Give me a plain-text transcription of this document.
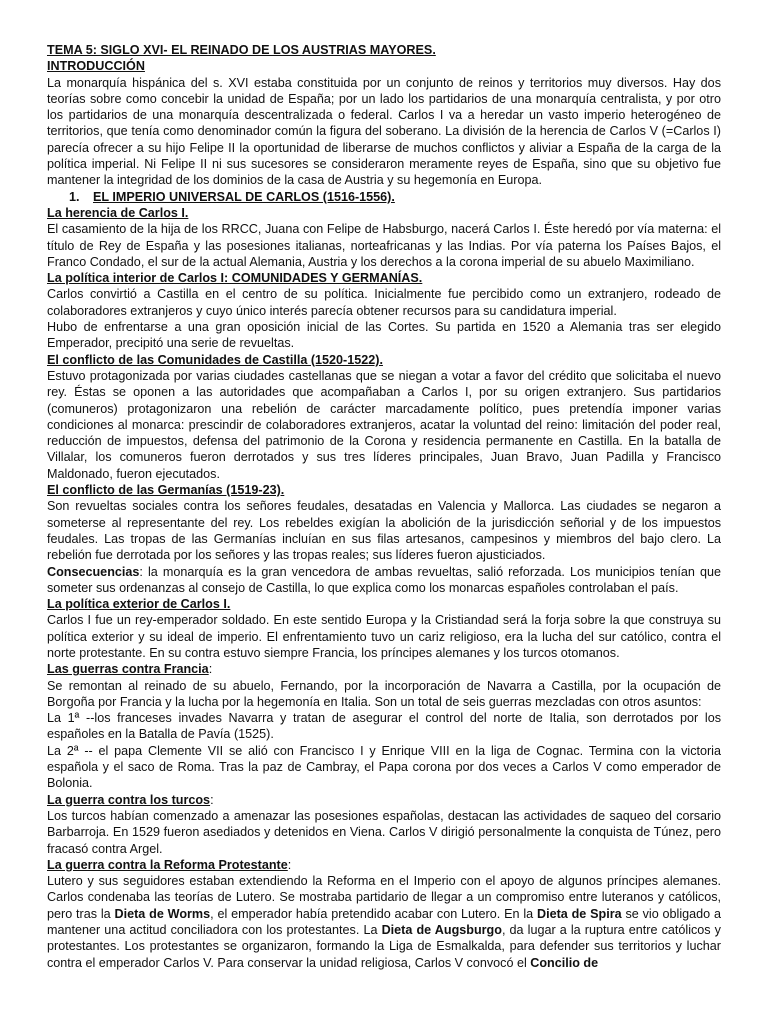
TEMA 5: SIGLO XVI- EL REINADO DE LOS AUSTRIAS MAYORES.

INTRODUCCIÓN

La monarquía hispánica del s. XVI estaba constituida por un conjunto de reinos y territorios muy diversos. Hay dos teorías sobre como concebir la unidad de España; por un lado los partidarios de una monarquía centralista, y por otro los partidarios de una monarquía descentralizada o federal. Carlos I va a heredar un vasto imperio heterogéneo de territorios, que tenía como denominador común la figura del soberano. La división de la herencia de Carlos V (=Carlos I) parecía ofrecer a su hijo Felipe II la oportunidad de liberarse de muchos conflictos y aliviar a España de la carga de la política imperial. Ni Felipe II ni sus sucesores se consideraron meramente reyes de España, sino que su objetivo fue mantener la integridad de los dominios de la casa de Austria y su hegemonía en Europa.

1. EL IMPERIO UNIVERSAL DE CARLOS (1516-1556).

La herencia de Carlos I.

El casamiento de la hija de los RRCC, Juana con Felipe de Habsburgo, nacerá Carlos I. Éste heredó por vía materna: el título de Rey de España y las posesiones italianas, norteafricanas y las Indias. Por vía paterna los Países Bajos, el Franco Condado, el sur de la actual Alemania, Austria y los derechos a la corona imperial de su abuelo Maximiliano.

La política interior de Carlos I: COMUNIDADES Y GERMANÍAS.

Carlos convirtió a Castilla en el centro de su política. Inicialmente fue percibido como un extranjero, rodeado de colaboradores extranjeros y cuyo único interés parecía obtener recursos para su candidatura imperial.

Hubo de enfrentarse a una gran oposición inicial de las Cortes. Su partida en 1520 a Alemania tras ser elegido Emperador, precipitó una serie de revueltas.

El conflicto de las Comunidades de Castilla (1520-1522).

Estuvo protagonizada por varias ciudades castellanas que se niegan a votar a favor del crédito que solicitaba el nuevo rey. Éstas se oponen a las autoridades que acompañaban a Carlos I, por su origen extranjero. Sus partidarios (comuneros) protagonizaron una rebelión de carácter marcadamente político, pues pretendía imponer varias condiciones al monarca: prescindir de colaboradores extranjeros, acatar la voluntad del reino: limitación del poder real, reducción de impuestos, defensa del patrimonio de la Corona y residencia permanente en Castilla. En la batalla de Villalar, los comuneros fueron derrotados y sus tres líderes principales, Juan Bravo, Juan Padilla y Francisco Maldonado, fueron ejecutados.

El conflicto de las Germanías (1519-23).

Son revueltas sociales contra los señores feudales, desatadas en Valencia y Mallorca. Las ciudades se negaron a someterse al representante del rey. Los rebeldes exigían la abolición de la jurisdicción señorial y de los impuestos feudales. Las tropas de las Germanías incluían en sus filas artesanos, campesinos y miembros del bajo clero. La rebelión fue derrotada por los señores y las tropas reales; sus líderes fueron ajusticiados.

Consecuencias: la monarquía es la gran vencedora de ambas revueltas, salió reforzada. Los municipios tenían que someter sus ordenanzas al consejo de Castilla, lo que explica como los monarcas españoles controlaban el país.

La política exterior de Carlos I.

Carlos I fue un rey-emperador soldado. En este sentido Europa y la Cristiandad será la forja sobre la que construya su política exterior y su ideal de imperio. El enfrentamiento tuvo un cariz religioso, era la lucha del sur católico, contra el norte protestante. En su contra estuvo siempre Francia, los príncipes alemanes y los turcos otomanos.

Las guerras contra Francia:

Se remontan al reinado de su abuelo, Fernando, por la incorporación de Navarra a Castilla, por la ocupación de Borgoña por Francia y la lucha por la hegemonía en Italia. Son un total de seis guerras mezcladas con otros asuntos:

La 1ª --los franceses invades Navarra y tratan de asegurar el control del norte de Italia, son derrotados por los españoles en la Batalla de Pavía (1525).

La 2ª -- el papa Clemente VII se alió con Francisco I y Enrique VIII en la liga de Cognac. Termina con la victoria española y el saco de Roma. Tras la paz de Cambray, el Papa corona por dos veces a Carlos V como emperador de Bolonia.

La guerra contra los turcos:

Los turcos habían comenzado a amenazar las posesiones españolas, destacan las actividades de saqueo del corsario Barbarroja. En 1529 fueron asediados y detenidos en Viena. Carlos V dirigió personalmente la conquista de Túnez, pero fracasó contra Argel.

La guerra contra la Reforma Protestante:

Lutero y sus seguidores estaban extendiendo la Reforma en el Imperio con el apoyo de algunos príncipes alemanes. Carlos condenaba las teorías de Lutero. Se mostraba partidario de llegar a un compromiso entre luteranos y católicos, pero tras la Dieta de Worms, el emperador había pretendido acabar con Lutero. En la Dieta de Spira se vio obligado a mantener una actitud conciliadora con los protestantes. La Dieta de Augsburgo, da lugar a la ruptura entre católicos y protestantes. Los protestantes se organizaron, formando la Liga de Esmalkalda, para defender sus territorios y luchar contra el emperador Carlos V. Para conservar la unidad religiosa, Carlos V convocó el Concilio de
